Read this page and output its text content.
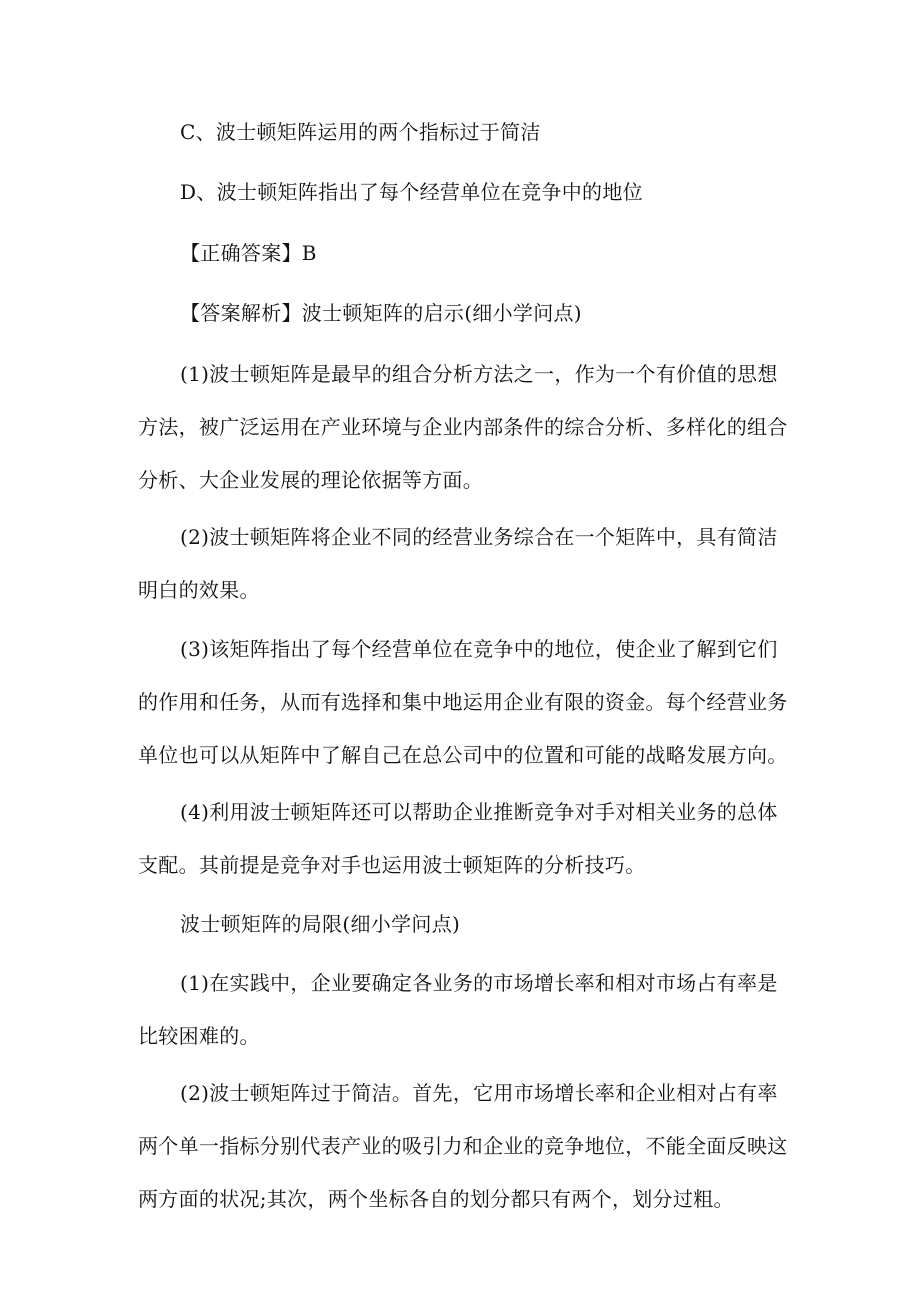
C、波士顿矩阵运用的两个指标过于简洁

D、波士顿矩阵指出了每个经营单位在竞争中的地位

【正确答案】B

【答案解析】波士顿矩阵的启示(细小学问点)

(1)波士顿矩阵是最早的组合分析方法之一，作为一个有价值的思想
方法，被广泛运用在产业环境与企业内部条件的综合分析、多样化的组合
分析、大企业发展的理论依据等方面。

(2)波士顿矩阵将企业不同的经营业务综合在一个矩阵中，具有简洁
明白的效果。

(3)该矩阵指出了每个经营单位在竞争中的地位，使企业了解到它们
的作用和任务，从而有选择和集中地运用企业有限的资金。每个经营业务
单位也可以从矩阵中了解自己在总公司中的位置和可能的战略发展方向。

(4)利用波士顿矩阵还可以帮助企业推断竞争对手对相关业务的总体
支配。其前提是竞争对手也运用波士顿矩阵的分析技巧。

波士顿矩阵的局限(细小学问点)

(1)在实践中，企业要确定各业务的市场增长率和相对市场占有率是
比较困难的。

(2)波士顿矩阵过于简洁。首先，它用市场增长率和企业相对占有率
两个单一指标分别代表产业的吸引力和企业的竞争地位，不能全面反映这
两方面的状况;其次，两个坐标各自的划分都只有两个，划分过粗。
